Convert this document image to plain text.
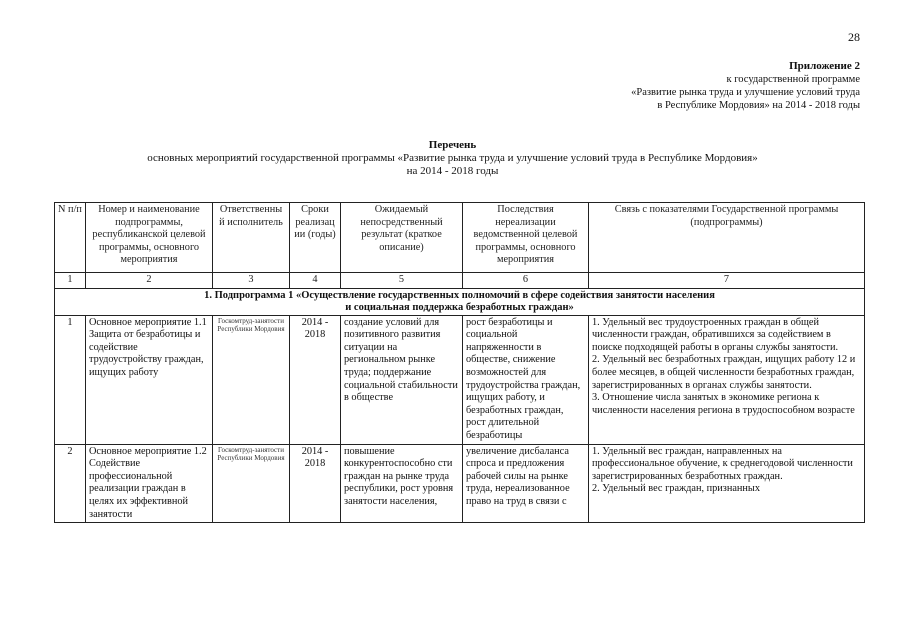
28
Приложение 2
к государственной программе
«Развитие рынка труда и улучшение условий труда
в Республике Мордовия» на 2014 - 2018 годы
Перечень
основных мероприятий государственной программы «Развитие рынка труда и улучшение условий труда в Республике Мордовия»
на 2014 - 2018 годы
N п/п	Номер и наименование подпрограммы, республиканской целевой программы, основного мероприятия	Ответственны й исполнитель	Сроки реализац ии (годы)	Ожидаемый непосредственный результат (краткое описание)	Последствия нереализации ведомственной целевой программы, основного мероприятия	Связь с показателями Государственной программы (подпрограммы)
1	2	3	4	5	6	7

1. Подпрограмма 1 «Осуществление государственных полномочий в сфере содействия занятости населения
и социальная поддержка безработных граждан»						

1	Основное мероприятие 1.1 Защита от безработицы и содействие трудоустройству граждан, ищущих работу	Госкомтруд-занятости Республики Мордовия	2014 - 2018	создание условий для позитивного развития ситуации на региональном рынке труда; поддержание социальной стабильности в обществе	рост безработицы и социальной напряженности в обществе, снижение возможностей для трудоустройства граждан, ищущих работу, и безработных граждан, рост длительной безработицы	1. Удельный вес трудоустроенных граждан в общей численности граждан, обратившихся за содействием в поиске подходящей работы в органы службы занятости.
2. Удельный вес безработных граждан, ищущих работу 12 и более месяцев, в общей численности безработных граждан, зарегистрированных в органах службы занятости.
3. Отношение числа занятых в экономике региона к численности населения региона в трудоспособном возрасте

2	Основное мероприятие 1.2 Содействие профессиональной реализации граждан в целях их эффективной занятости	Госкомтруд-занятости Республики Мордовия	2014 - 2018	повышение конкурентоспособно сти граждан на рынке труда республики, рост уровня занятости населения,	увеличение дисбаланса спроса и предложения рабочей силы на рынке труда, нереализованное право на труд в связи с	1. Удельный вес граждан, направленных на профессиональное обучение, к среднегодовой численности зарегистрированных безработных граждан.
2. Удельный вес граждан, признанных
